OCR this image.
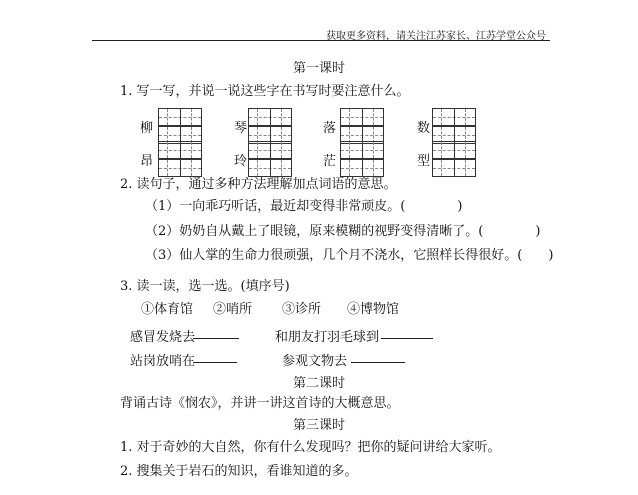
获取更多资料，请关注江苏家长、江苏学堂公众号
第一课时
1. 写一写，并说一说这些字在书写时要注意什么。
柳	琴	落	数
昂	玲	茫	型
2. 读句子，通过多种方法理解加点词语的意思。
（1）一向乖巧听话，最近却变得非常顽皮。(　　　　)
（2）奶奶自从戴上了眼镜，原来模糊的视野变得清晰了。(　　　　)
（3）仙人掌的生命力很顽强，几个月不浇水，它照样长得很好。(　　)
3. 读一读，选一选。(填序号)
①体育馆 ②哨所 ③诊所 ④博物馆
感冒发烧去	和朋友打羽毛球到
站岗放哨在	参观文物去
第二课时
背诵古诗《悯农》，并讲一讲这首诗的大概意思。
第三课时
1. 对于奇妙的大自然，你有什么发现吗？把你的疑问讲给大家听。
2. 搜集关于岩石的知识，看谁知道的多。
